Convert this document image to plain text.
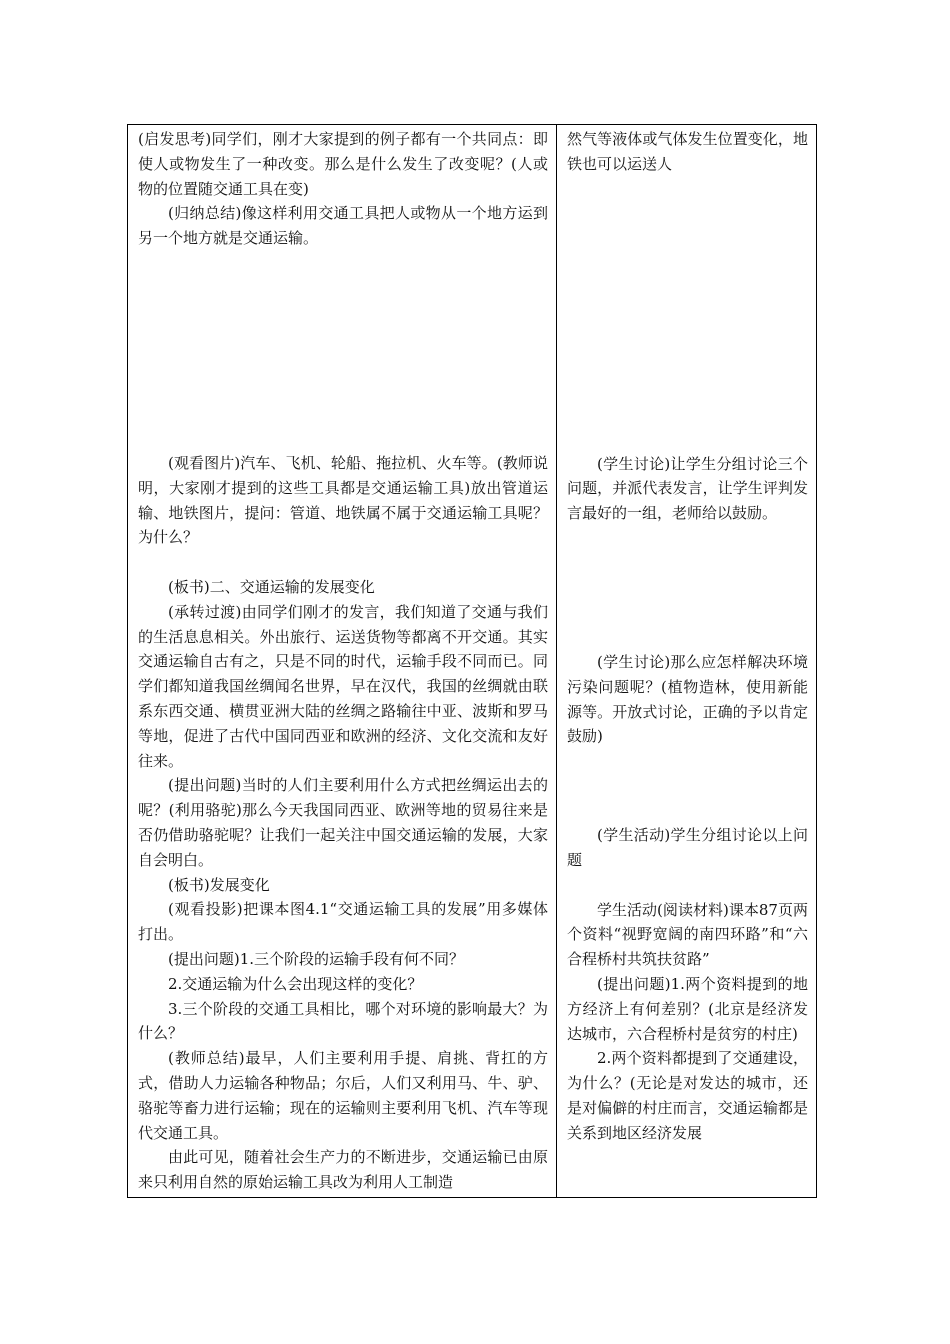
(启发思考)同学们，刚才大家提到的例子都有一个共同点：即使人或物发生了一种改变。那么是什么发生了改变呢？(人或物的位置随交通工具在变)

(归纳总结)像这样利用交通工具把人或物从一个地方运到另一个地方就是交通运输。

(观看图片)汽车、飞机、轮船、拖拉机、火车等。(教师说明，大家刚才提到的这些工具都是交通运输工具)放出管道运输、地铁图片，提问：管道、地铁属不属于交通运输工具呢？为什么？

(板书)二、交通运输的发展变化

(承转过渡)由同学们刚才的发言，我们知道了交通与我们的生活息息相关。外出旅行、运送货物等都离不开交通。其实交通运输自古有之，只是不同的时代，运输手段不同而已。同学们都知道我国丝绸闻名世界，早在汉代，我国的丝绸就由联系东西交通、横贯亚洲大陆的丝绸之路输往中亚、波斯和罗马等地，促进了古代中国同西亚和欧洲的经济、文化交流和友好往来。

(提出问题)当时的人们主要利用什么方式把丝绸运出去的呢？(利用骆驼)那么今天我国同西亚、欧洲等地的贸易往来是否仍借助骆驼呢？让我们一起关注中国交通运输的发展，大家自会明白。

(板书)发展变化

(观看投影)把课本图4.1“交通运输工具的发展”用多媒体打出。

(提出问题)1.三个阶段的运输手段有何不同？

2.交通运输为什么会出现这样的变化？

3.三个阶段的交通工具相比，哪个对环境的影响最大？为什么？

(教师总结)最早，人们主要利用手提、肩挑、背扛的方式，借助人力运输各种物品；尔后，人们又利用马、牛、驴、骆驼等畜力进行运输；现在的运输则主要利用飞机、汽车等现代交通工具。

由此可见，随着社会生产力的不断进步，交通运输已由原来只利用自然的原始运输工具改为利用人工制造

然气等液体或气体发生位置变化，地铁也可以运送人

(学生讨论)让学生分组讨论三个问题，并派代表发言，让学生评判发言最好的一组，老师给以鼓励。

(学生讨论)那么应怎样解决环境污染问题呢？(植物造林，使用新能源等。开放式讨论，正确的予以肯定鼓励)

(学生活动)学生分组讨论以上问题

学生活动(阅读材料)课本87页两个资料“视野宽阔的南四环路”和“六合程桥村共筑扶贫路”

(提出问题)1.两个资料提到的地方经济上有何差别？(北京是经济发达城市，六合程桥村是贫穷的村庄)

2.两个资料都提到了交通建设，为什么？(无论是对发达的城市，还是对偏僻的村庄而言，交通运输都是关系到地区经济发展
